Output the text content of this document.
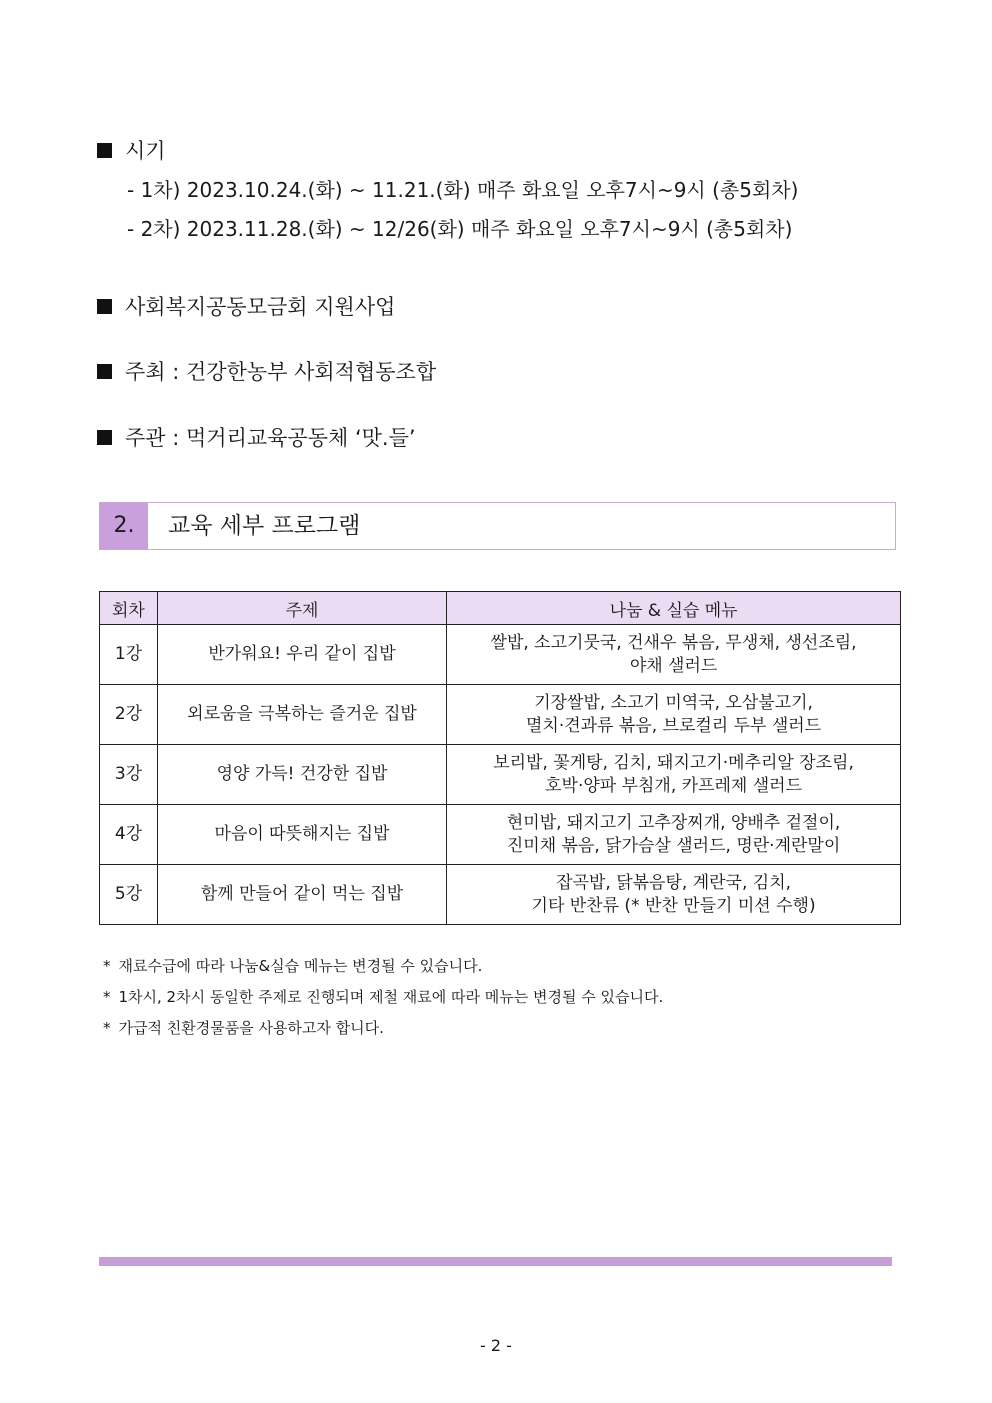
시기
- 1차) 2023.10.24.(화) ~ 11.21.(화) 매주 화요일 오후7시~9시 (총5회차)
- 2차) 2023.11.28.(화) ~ 12/26(화) 매주 화요일 오후7시~9시 (총5회차)
사회복지공동모금회 지원사업
주최 : 건강한농부 사회적협동조합
주관 : 먹거리교육공동체 ‘맛.들’
2.	교육 세부 프로그램
회차	주제	나눔 & 실습 메뉴
1강	반가워요! 우리 같이 집밥	쌀밥, 소고기뭇국, 건새우 볶음, 무생채, 생선조림,
야채 샐러드

2강	외로움을 극복하는 즐거운 집밥	기장쌀밥, 소고기 미역국, 오삼불고기,
멸치·견과류 볶음, 브로컬리 두부 샐러드

3강	영양 가득! 건강한 집밥	보리밥, 꽃게탕, 김치, 돼지고기·메추리알 장조림,
호박·양파 부침개, 카프레제 샐러드

4강	마음이 따뜻해지는 집밥	현미밥, 돼지고기 고추장찌개, 양배추 겉절이,
진미채 볶음, 닭가슴살 샐러드, 명란·계란말이

5강	함께 만들어 같이 먹는 집밥	잡곡밥, 닭볶음탕, 계란국, 김치,
기타 반찬류 (* 반찬 만들기 미션 수행)
* 재료수급에 따라 나눔&실습 메뉴는 변경될 수 있습니다.
* 1차시, 2차시 동일한 주제로 진행되며 제철 재료에 따라 메뉴는 변경될 수 있습니다.
* 가급적 친환경물품을 사용하고자 합니다.
- 2 -
